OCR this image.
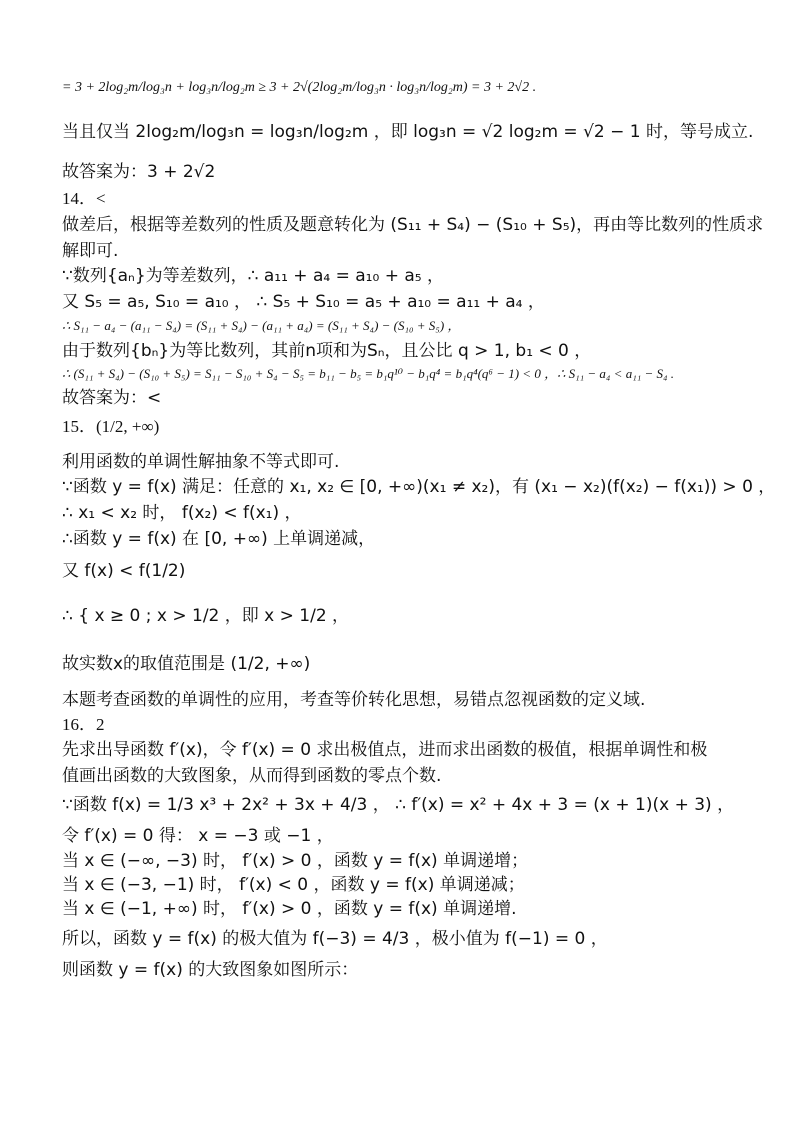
= 3 + 2log₂m/log₃n + log₃n/log₂m ≥ 3 + 2√(2log₂m/log₃n · log₃n/log₂m) = 3 + 2√2 .
当且仅当 2log₂m/log₃n = log₃n/log₂m ，即 log₃n = √2 log₂m = √2 − 1 时，等号成立.
故答案为：3 + 2√2
14．<
做差后，根据等差数列的性质及题意转化为 (S₁₁ + S₄) − (S₁₀ + S₅)，再由等比数列的性质求
解即可.
∵数列{aₙ}为等差数列，∴ a₁₁ + a₄ = a₁₀ + a₅ ，
又 S₅ = a₅, S₁₀ = a₁₀ ， ∴ S₅ + S₁₀ = a₅ + a₁₀ = a₁₁ + a₄ ，
∴ S₁₁ − a₄ − (a₁₁ − S₄) = (S₁₁ + S₄) − (a₁₁ + a₄) = (S₁₁ + S₄) − (S₁₀ + S₅) ，
由于数列{bₙ}为等比数列，其前n项和为Sₙ，且公比 q > 1, b₁ < 0 ，
∴ (S₁₁ + S₄) − (S₁₀ + S₅) = S₁₁ − S₁₀ + S₄ − S₅ = b₁₁ − b₅ = b₁q¹⁰ − b₁q⁴ = b₁q⁴(q⁶ − 1) < 0 ，∴ S₁₁ − a₄ < a₁₁ − S₄ .
故答案为：<
15．(1/2, +∞)
利用函数的单调性解抽象不等式即可.
∵函数 y = f(x) 满足：任意的 x₁, x₂ ∈ [0, +∞)(x₁ ≠ x₂)，有 (x₁ − x₂)(f(x₂) − f(x₁)) > 0 ，
∴ x₁ < x₂ 时， f(x₂) < f(x₁) ，
∴函数 y = f(x) 在 [0, +∞) 上单调递减，
又 f(x) < f(1/2)
∴ { x ≥ 0 ; x > 1/2 ，即 x > 1/2 ，
故实数x的取值范围是 (1/2, +∞)
本题考查函数的单调性的应用，考查等价转化思想，易错点忽视函数的定义域.
16．2
先求出导函数 f′(x)，令 f′(x) = 0 求出极值点，进而求出函数的极值，根据单调性和极
值画出函数的大致图象，从而得到函数的零点个数.
∵函数 f(x) = 1/3 x³ + 2x² + 3x + 4/3 ， ∴ f′(x) = x² + 4x + 3 = (x + 1)(x + 3) ，
令 f′(x) = 0 得： x = −3 或 −1 ，
当 x ∈ (−∞, −3) 时， f′(x) > 0 ，函数 y = f(x) 单调递增；
当 x ∈ (−3, −1) 时， f′(x) < 0 ，函数 y = f(x) 单调递减；
当 x ∈ (−1, +∞) 时， f′(x) > 0 ，函数 y = f(x) 单调递增.
所以，函数 y = f(x) 的极大值为 f(−3) = 4/3 ，极小值为 f(−1) = 0 ，
则函数 y = f(x) 的大致图象如图所示：
